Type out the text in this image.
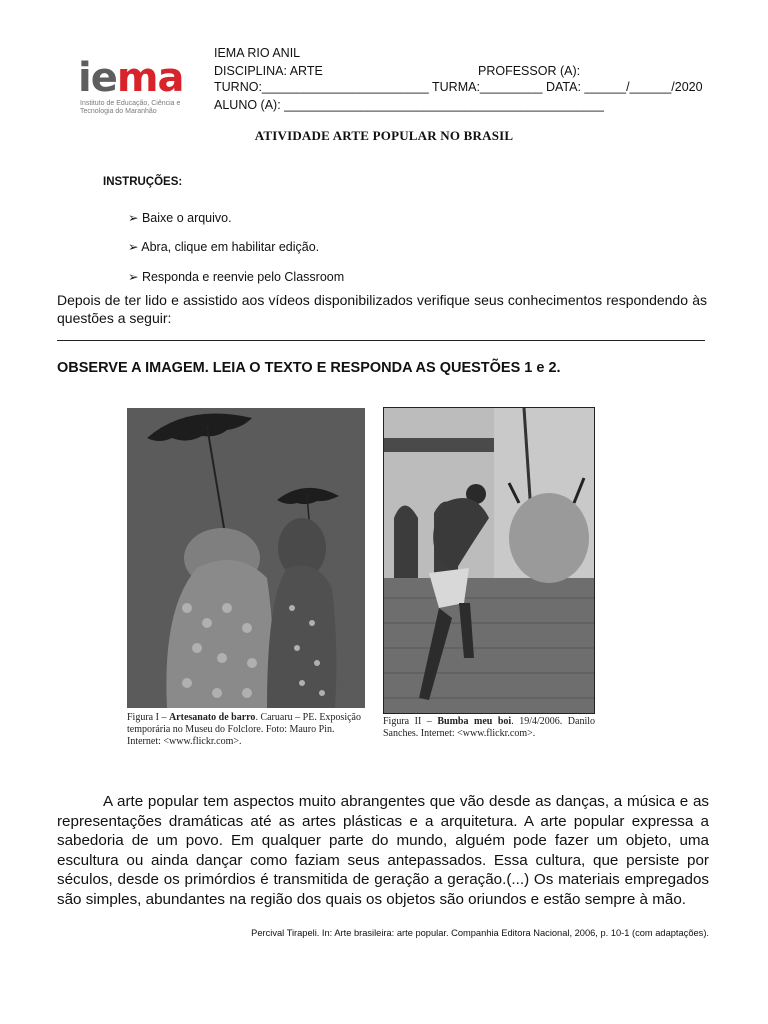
iema
Instituto de Educação, Ciência e Tecnologia do Maranhão
IEMA RIO ANIL
DISCIPLINA: ARTE	PROFESSOR (A):
TURNO:________________________ TURMA:_________ DATA: ______/______/2020
ALUNO (A): ______________________________________________
ATIVIDADE ARTE POPULAR NO BRASIL
INSTRUÇÕES:
➢ Baixe o arquivo.
➢ Abra, clique em habilitar edição.
➢ Responda e reenvie pelo Classroom
Depois de ter lido e assistido aos vídeos disponibilizados verifique seus conhecimentos respondendo às questões a seguir:
OBSERVE A IMAGEM. LEIA O TEXTO E RESPONDA AS QUESTÕES 1 e 2.
Figura I – Artesanato de barro. Caruaru – PE. Exposição temporária no Museu do Folclore. Foto: Mauro Pin. Internet: <www.flickr.com>.
Figura II – Bumba meu boi. 19/4/2006. Danilo Sanches. Internet: <www.flickr.com>.
A arte popular tem aspectos muito abrangentes que vão desde as danças, a música e as representações dramáticas até as artes plásticas e a arquitetura. A arte popular expressa a sabedoria de um povo. Em qualquer parte do mundo, alguém pode fazer um objeto, uma escultura ou ainda dançar como faziam seus antepassados. Essa cultura, que persiste por séculos, desde os primórdios é transmitida de geração a geração.(...) Os materiais empregados são simples, abundantes na região dos quais os objetos são oriundos e estão sempre à mão.
Percival Tirapeli. In: Arte brasileira: arte popular. Companhia Editora Nacional, 2006, p. 10-1 (com adaptações).
